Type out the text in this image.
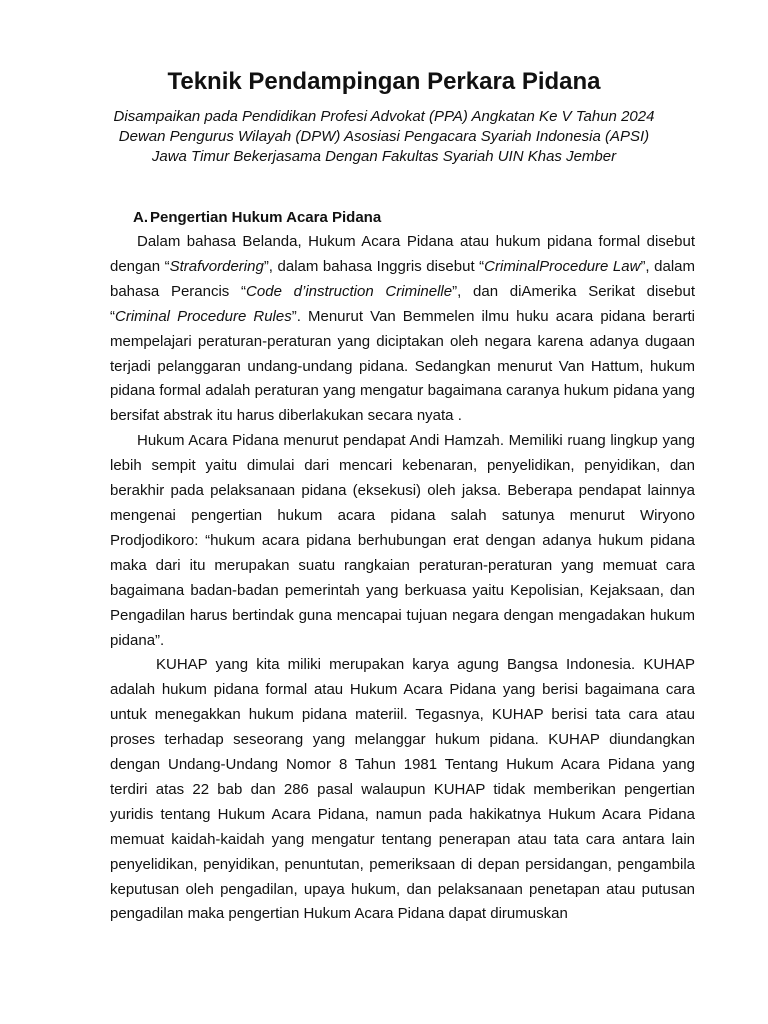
Teknik Pendampingan Perkara Pidana
Disampaikan pada Pendidikan Profesi Advokat (PPA) Angkatan Ke V Tahun 2024
Dewan Pengurus Wilayah (DPW) Asosiasi Pengacara Syariah Indonesia (APSI)
Jawa Timur Bekerjasama Dengan Fakultas Syariah UIN Khas Jember
A. Pengertian Hukum Acara Pidana

Dalam bahasa Belanda, Hukum Acara Pidana atau hukum pidana formal disebut dengan “Strafvordering”, dalam bahasa Inggris disebut “CriminalProcedure Law”, dalam bahasa Perancis “Code d’instruction Criminelle”, dan diAmerika Serikat disebut “Criminal Procedure Rules”. Menurut Van Bemmelen ilmu huku acara pidana berarti mempelajari peraturan-peraturan yang diciptakan oleh negara karena adanya dugaan terjadi pelanggaran undang-undang pidana. Sedangkan menurut Van Hattum, hukum pidana formal adalah peraturan yang mengatur bagaimana caranya hukum pidana yang bersifat abstrak itu harus diberlakukan secara nyata .

Hukum Acara Pidana menurut pendapat Andi Hamzah. Memiliki ruang lingkup yang lebih sempit yaitu dimulai dari mencari kebenaran, penyelidikan, penyidikan, dan berakhir pada pelaksanaan pidana (eksekusi) oleh jaksa. Beberapa pendapat lainnya mengenai pengertian hukum acara pidana salah satunya menurut Wiryono Prodjodikoro: “hukum acara pidana berhubungan erat dengan adanya hukum pidana maka dari itu merupakan suatu rangkaian peraturan-peraturan yang memuat cara bagaimana badan-badan pemerintah yang berkuasa yaitu Kepolisian, Kejaksaan, dan Pengadilan harus bertindak guna mencapai tujuan negara dengan mengadakan hukum pidana”.

KUHAP yang kita miliki merupakan karya agung Bangsa Indonesia. KUHAP adalah hukum pidana formal atau Hukum Acara Pidana yang berisi bagaimana cara untuk menegakkan hukum pidana materiil. Tegasnya, KUHAP berisi tata cara atau proses terhadap seseorang yang melanggar hukum pidana. KUHAP diundangkan dengan Undang-Undang Nomor 8 Tahun 1981 Tentang Hukum Acara Pidana yang terdiri atas 22 bab dan 286 pasal walaupun KUHAP tidak memberikan pengertian yuridis tentang Hukum Acara Pidana, namun pada hakikatnya Hukum Acara Pidana memuat kaidah-kaidah yang mengatur tentang penerapan atau tata cara antara lain penyelidikan, penyidikan, penuntutan, pemeriksaan di depan persidangan, pengambila keputusan oleh pengadilan, upaya hukum, dan pelaksanaan penetapan atau putusan pengadilan maka pengertian Hukum Acara Pidana dapat dirumuskan
